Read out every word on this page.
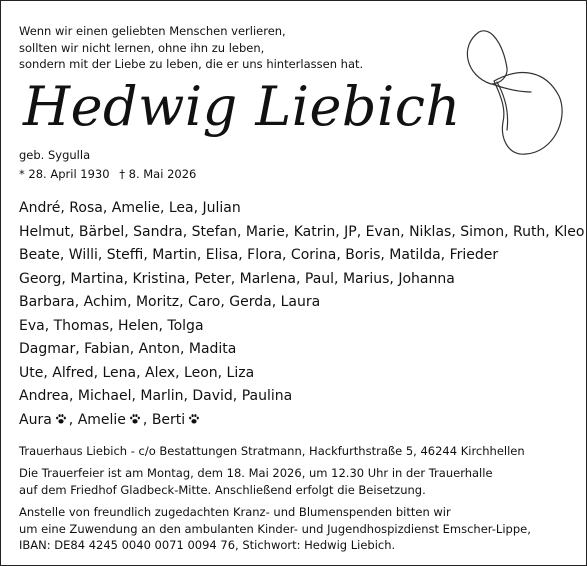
Wenn wir einen geliebten Menschen verlieren,
sollten wir nicht lernen, ohne ihn zu leben,
sondern mit der Liebe zu leben, die er uns hinterlassen hat.
Hedwig Liebich
geb. Sygulla
* 28. April 1930 † 8. Mai 2026
André, Rosa, Amelie, Lea, Julian
Helmut, Bärbel, Sandra, Stefan, Marie, Katrin, JP, Evan, Niklas, Simon, Ruth, Kleo
Beate, Willi, Steffi, Martin, Elisa, Flora, Corina, Boris, Matilda, Frieder
Georg, Martina, Kristina, Peter, Marlena, Paul, Marius, Johanna
Barbara, Achim, Moritz, Caro, Gerda, Laura
Eva, Thomas, Helen, Tolga
Dagmar, Fabian, Anton, Madita
Ute, Alfred, Lena, Alex, Leon, Liza
Andrea, Michael, Marlin, David, Paulina
Aura , Amelie , Berti
Trauerhaus Liebich - c/o Bestattungen Stratmann, Hackfurthstraße 5, 46244 Kirchhellen
Die Trauerfeier ist am Montag, dem 18. Mai 2026, um 12.30 Uhr in der Trauerhalle
auf dem Friedhof Gladbeck-Mitte. Anschließend erfolgt die Beisetzung.
Anstelle von freundlich zugedachten Kranz- und Blumenspenden bitten wir
um eine Zuwendung an den ambulanten Kinder- und Jugendhospizdienst Emscher-Lippe,
IBAN: DE84 4245 0040 0071 0094 76, Stichwort: Hedwig Liebich.
